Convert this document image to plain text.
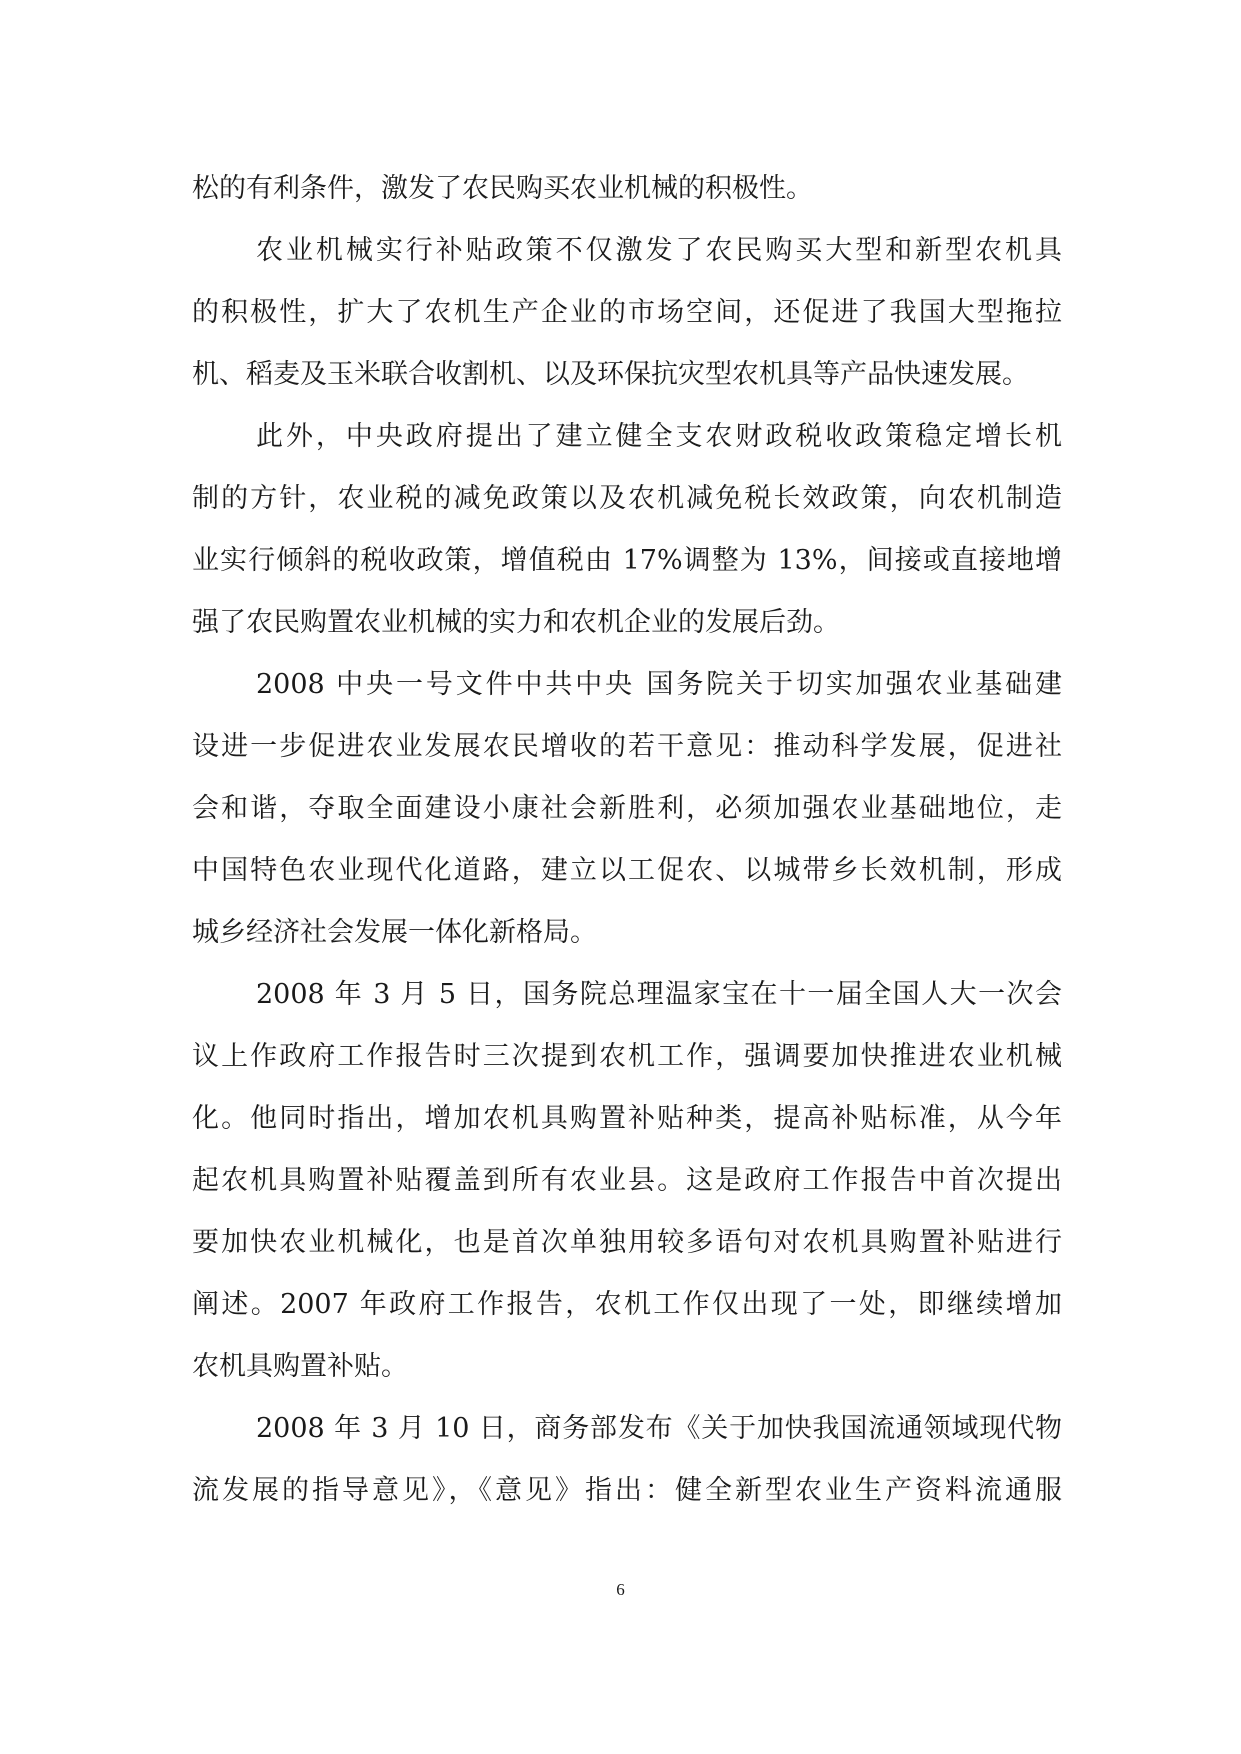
松的有利条件，激发了农民购买农业机械的积极性。
农业机械实行补贴政策不仅激发了农民购买大型和新型农机具
的积极性，扩大了农机生产企业的市场空间，还促进了我国大型拖拉
机、稻麦及玉米联合收割机、以及环保抗灾型农机具等产品快速发展。
此外，中央政府提出了建立健全支农财政税收政策稳定增长机
制的方针，农业税的减免政策以及农机减免税长效政策，向农机制造
业实行倾斜的税收政策，增值税由 17%调整为 13%，间接或直接地增
强了农民购置农业机械的实力和农机企业的发展后劲。
2008 中央一号文件中共中央 国务院关于切实加强农业基础建
设进一步促进农业发展农民增收的若干意见：推动科学发展，促进社
会和谐，夺取全面建设小康社会新胜利，必须加强农业基础地位，走
中国特色农业现代化道路，建立以工促农、以城带乡长效机制，形成
城乡经济社会发展一体化新格局。
2008 年 3 月 5 日，国务院总理温家宝在十一届全国人大一次会
议上作政府工作报告时三次提到农机工作，强调要加快推进农业机械
化。他同时指出，增加农机具购置补贴种类，提高补贴标准，从今年
起农机具购置补贴覆盖到所有农业县。这是政府工作报告中首次提出
要加快农业机械化，也是首次单独用较多语句对农机具购置补贴进行
阐述。2007 年政府工作报告，农机工作仅出现了一处，即继续增加
农机具购置补贴。
2008 年 3 月 10 日，商务部发布《关于加快我国流通领域现代物
流发展的指导意见》，《意见》指出：健全新型农业生产资料流通服
6
